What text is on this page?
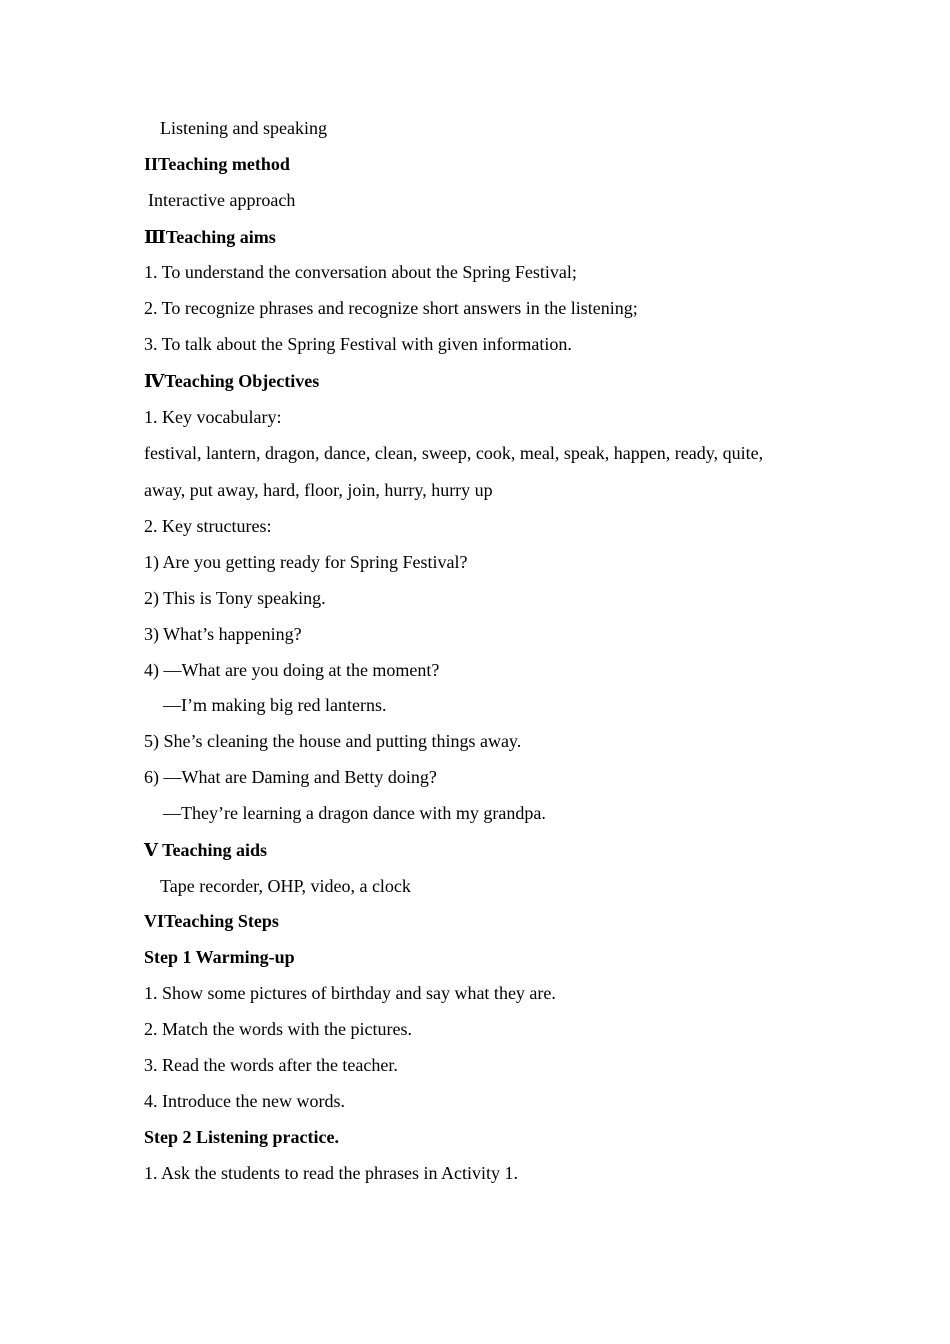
Listening and speaking
IITeaching method
Interactive approach
ⅢTeaching aims
1. To understand the conversation about the Spring Festival;
2. To recognize phrases and recognize short answers in the listening;
3. To talk about the Spring Festival with given information.
ⅣTeaching Objectives
1. Key vocabulary:
festival, lantern, dragon, dance, clean, sweep, cook, meal, speak, happen, ready, quite,
away, put away, hard, floor, join, hurry, hurry up
2. Key structures:
1) Are you getting ready for Spring Festival?
2) This is Tony speaking.
3) What’s happening?
4) —What are you doing at the moment?
—I’m making big red lanterns.
5) She’s cleaning the house and putting things away.
6) —What are Daming and Betty doing?
—They’re learning a dragon dance with my grandpa.
Ⅴ Teaching aids
Tape recorder, OHP, video, a clock
VITeaching Steps
Step 1 Warming-up
1. Show some pictures of birthday and say what they are.
2. Match the words with the pictures.
3. Read the words after the teacher.
4. Introduce the new words.
Step 2 Listening practice.
1. Ask the students to read the phrases in Activity 1.
